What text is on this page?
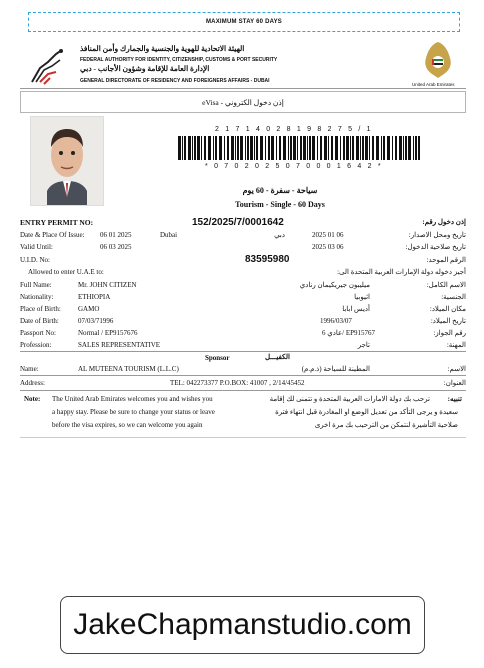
MAXIMUM STAY 60 DAYS
الهيئة الاتحادية للهوية والجنسية والجمارك وأمن المنافذ
FEDERAL AUTHORITY FOR IDENTITY, CITIZENSHIP, CUSTOMS & PORT SECURITY
الإدارة العامة للإقامة وشؤون الأجانب - دبي
GENERAL DIRECTORATE OF RESIDENCY AND FOREIGNERS AFFAIRS - DUBAI
United Arab Emirates
eVisa - إذن دخول الكتروني
2 1 7 1 4 0 2 8 1 9 8 2 7 5 / 1
* 0 7 0 2 0 2 5 0 7 0 0 0 1 6 4 2 *
سياحة - سفرة - 60 يوم
Tourism - Single - 60 Days
ENTRY PERMIT NO:	152/2025/7/0001642	إذن دخول رقم:
Date & Place Of Issue: 06 01 2025	Dubai	دبي	2025 01 06	تاريخ ومحل الاصدار:
Valid Until:	06 03 2025	2025 03 06	تاريخ صلاحية الدخول:
U.I.D. No:	83595980	الرقم الموحد:
Allowed to enter U.A.E to:	أجيز دخوله دولة الإمارات العربية المتحدة الى:
Full Name:	Mr. JOHN CITIZEN	ميليبون جيريكيمان رنادي	الاسم الكامل:
Nationality:	ETHIOPIA	اثيوبيا	الجنسية:
Place of Birth: GAMO	أديس ابابا	مكان الميلاد:
Date of Birth:	07/03/71996	1996/03/07	تاريخ الميلاد:
Passport No:	Normal / EP9157676	EP915767 /عادي 6	رقم الجواز:
Profession:	SALES REPRESENTATIVE	تاجر	المهنة:
Sponsor	الكفيـــل
Name:	AL MUTEENA TOURISM (L.L.C)	المطينة للسياحة (ذ.م.م)	الاسم:
Address:	TEL: 042273377 P.O.BOX: 41007 , 2/14/45452	العنوان:
Note: The United Arab Emirates welcomes you and wishes you
a happy stay. Please be sure to change your status or leave
before the visa expires, so we can welcome you again
تنبيه:
ترحب بك دولة الامارات العربية المتحدة و تتمنى لك إقامة
سعيدة و يرجى التأكد من تعديل الوضع او المغادرة قبل انتهاء فترة
صلاحية التأشيرة لنتمكن من الترحيب بك مرة اخرى
JakeChapmanstudio.com
